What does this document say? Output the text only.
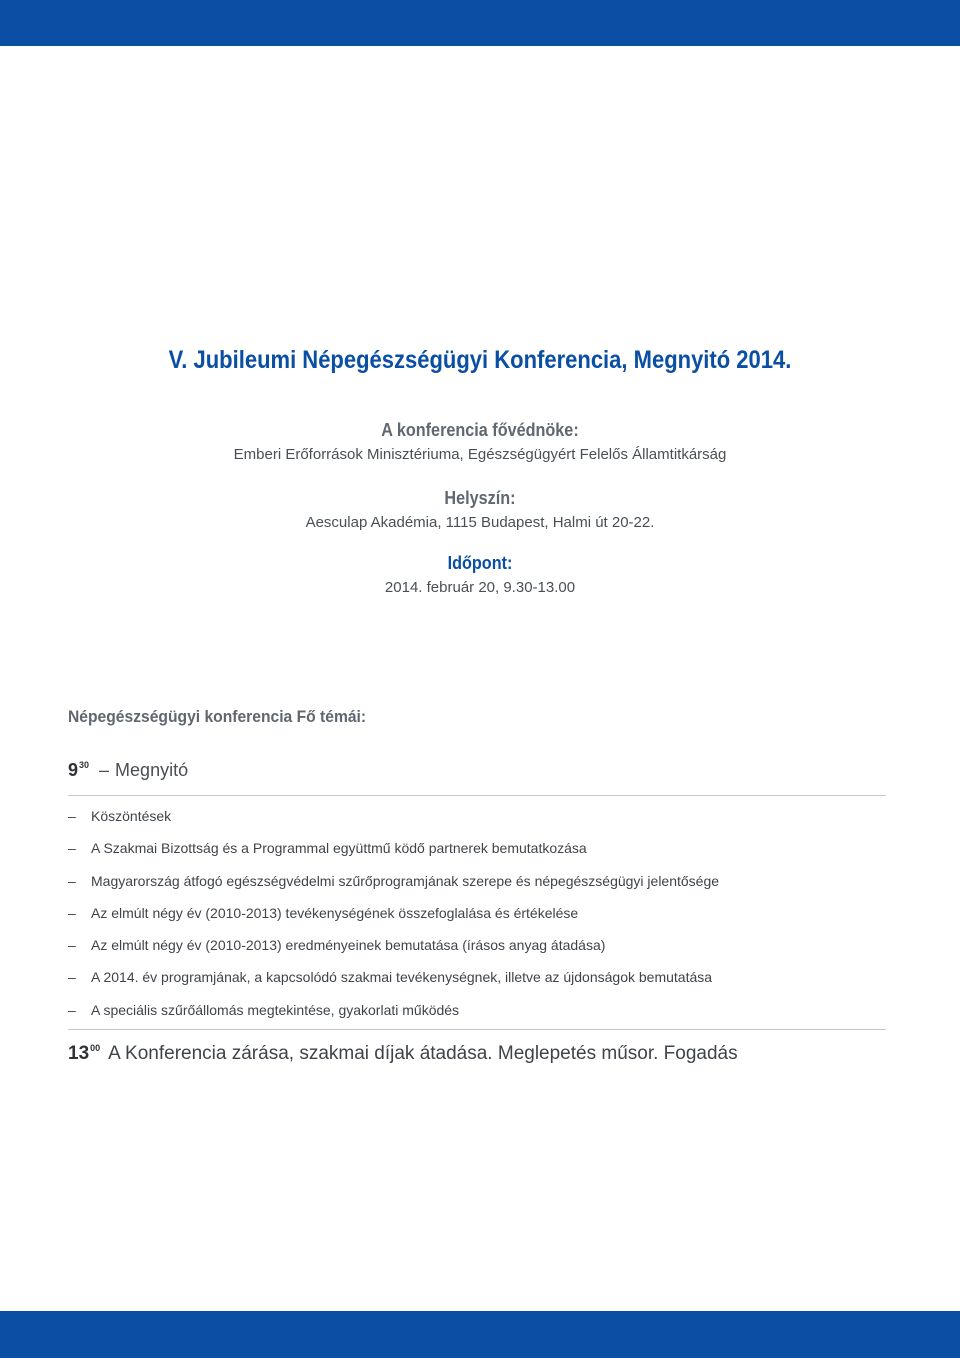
V. Jubileumi Népegészségügyi Konferencia, Megnyitó 2014.
A konferencia fővédnöke:
Emberi Erőforrások Minisztériuma, Egészségügyért Felelős Államtitkárság
Helyszín:
Aesculap Akadémia, 1115 Budapest, Halmi út 20-22.
Időpont:
2014. február 20, 9.30-13.00
Népegészségügyi konferencia Fő témái:
$9^{30}$ – Megnyitó
– Köszöntések
– A Szakmai Bizottság és a Programmal együttmű ködő partnerek bemutatkozása
– Magyarország átfogó egészségvédelmi szűrőprogramjának szerepe és népegészségügyi jelentősége
– Az elmúlt négy év (2010-2013) tevékenységének összefoglalása és értékelése
– Az elmúlt négy év (2010-2013) eredményeinek bemutatása (írásos anyag átadása)
– A 2014. év programjának, a kapcsolódó szakmai tevékenységnek, illetve az újdonságok bemutatása
– A speciális szűrőállomás megtekintése, gyakorlati működés
$13^{00}$ A Konferencia zárása, szakmai díjak átadása. Meglepetés műsor. Fogadás
